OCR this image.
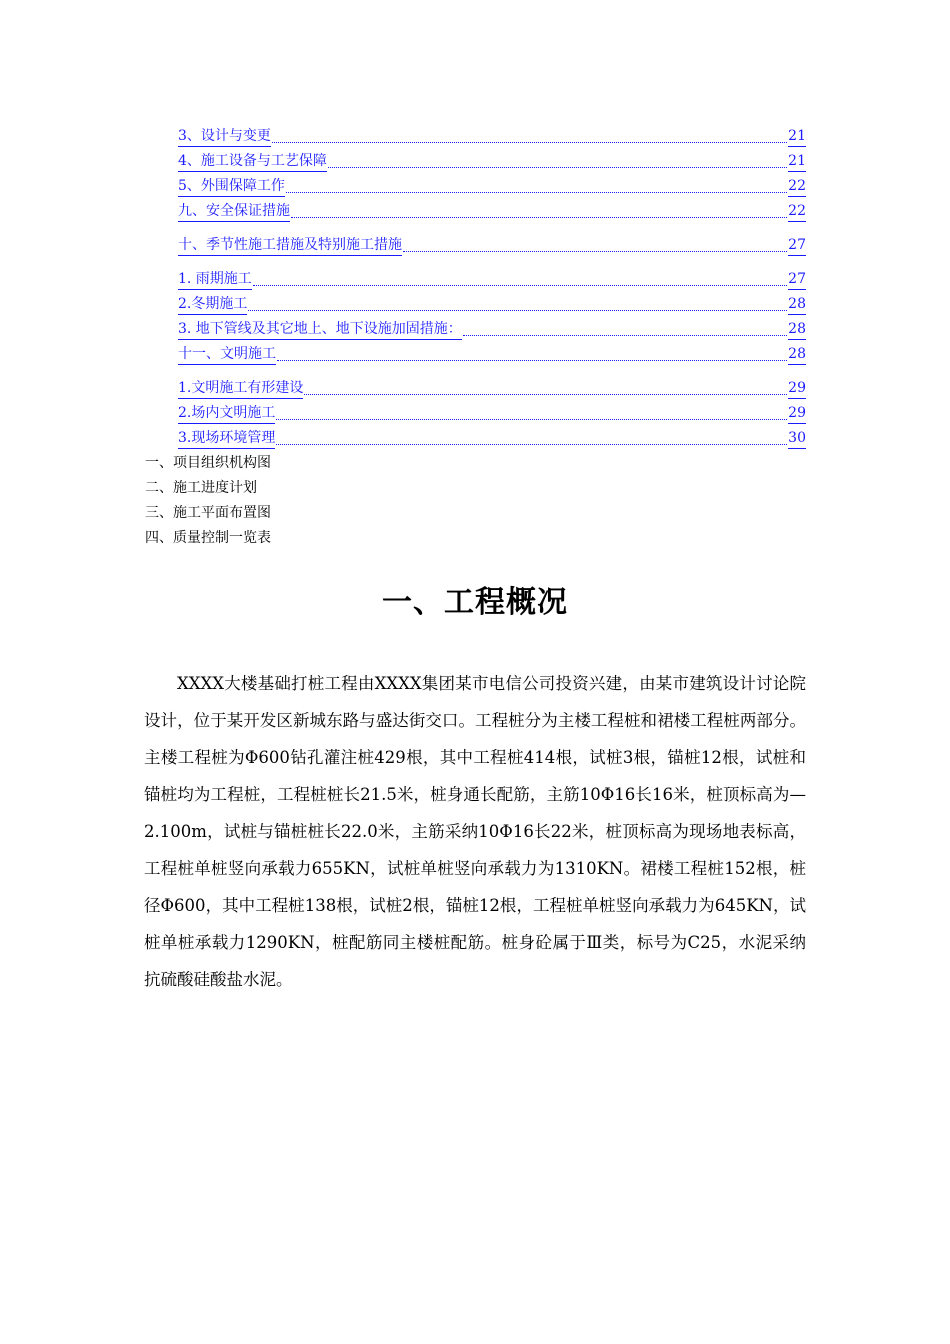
3、设计与变更	21
4、施工设备与工艺保障	21
5、外围保障工作	22
九、安全保证措施	22
十、季节性施工措施及特别施工措施	27
1. 雨期施工	27
2.冬期施工	28
3. 地下管线及其它地上、地下设施加固措施：	28
十一、文明施工	28
1.文明施工有形建设	29
2.场内文明施工	29
3.现场环境管理	30
一、项目组织机构图
二、施工进度计划
三、施工平面布置图
四、质量控制一览表
一、工程概况
XXXX大楼基础打桩工程由XXXX集团某市电信公司投资兴建，由某市建筑设计讨论院设计，位于某开发区新城东路与盛达街交口。工程桩分为主楼工程桩和裙楼工程桩两部分。主楼工程桩为Φ600钻孔灌注桩429根，其中工程桩414根，试桩3根，锚桩12根，试桩和锚桩均为工程桩，工程桩桩长21.5米，桩身通长配筋，主筋10Φ16长16米，桩顶标高为—2.100m，试桩与锚桩桩长22.0米，主筋采纳10Φ16长22米，桩顶标高为现场地表标高，工程桩单桩竖向承载力655KN，试桩单桩竖向承载力为1310KN。裙楼工程桩152根，桩径Φ600，其中工程桩138根，试桩2根，锚桩12根，工程桩单桩竖向承载力为645KN，试桩单桩承载力1290KN，桩配筋同主楼桩配筋。桩身砼属于Ⅲ类，标号为C25，水泥采纳抗硫酸硅酸盐水泥。
